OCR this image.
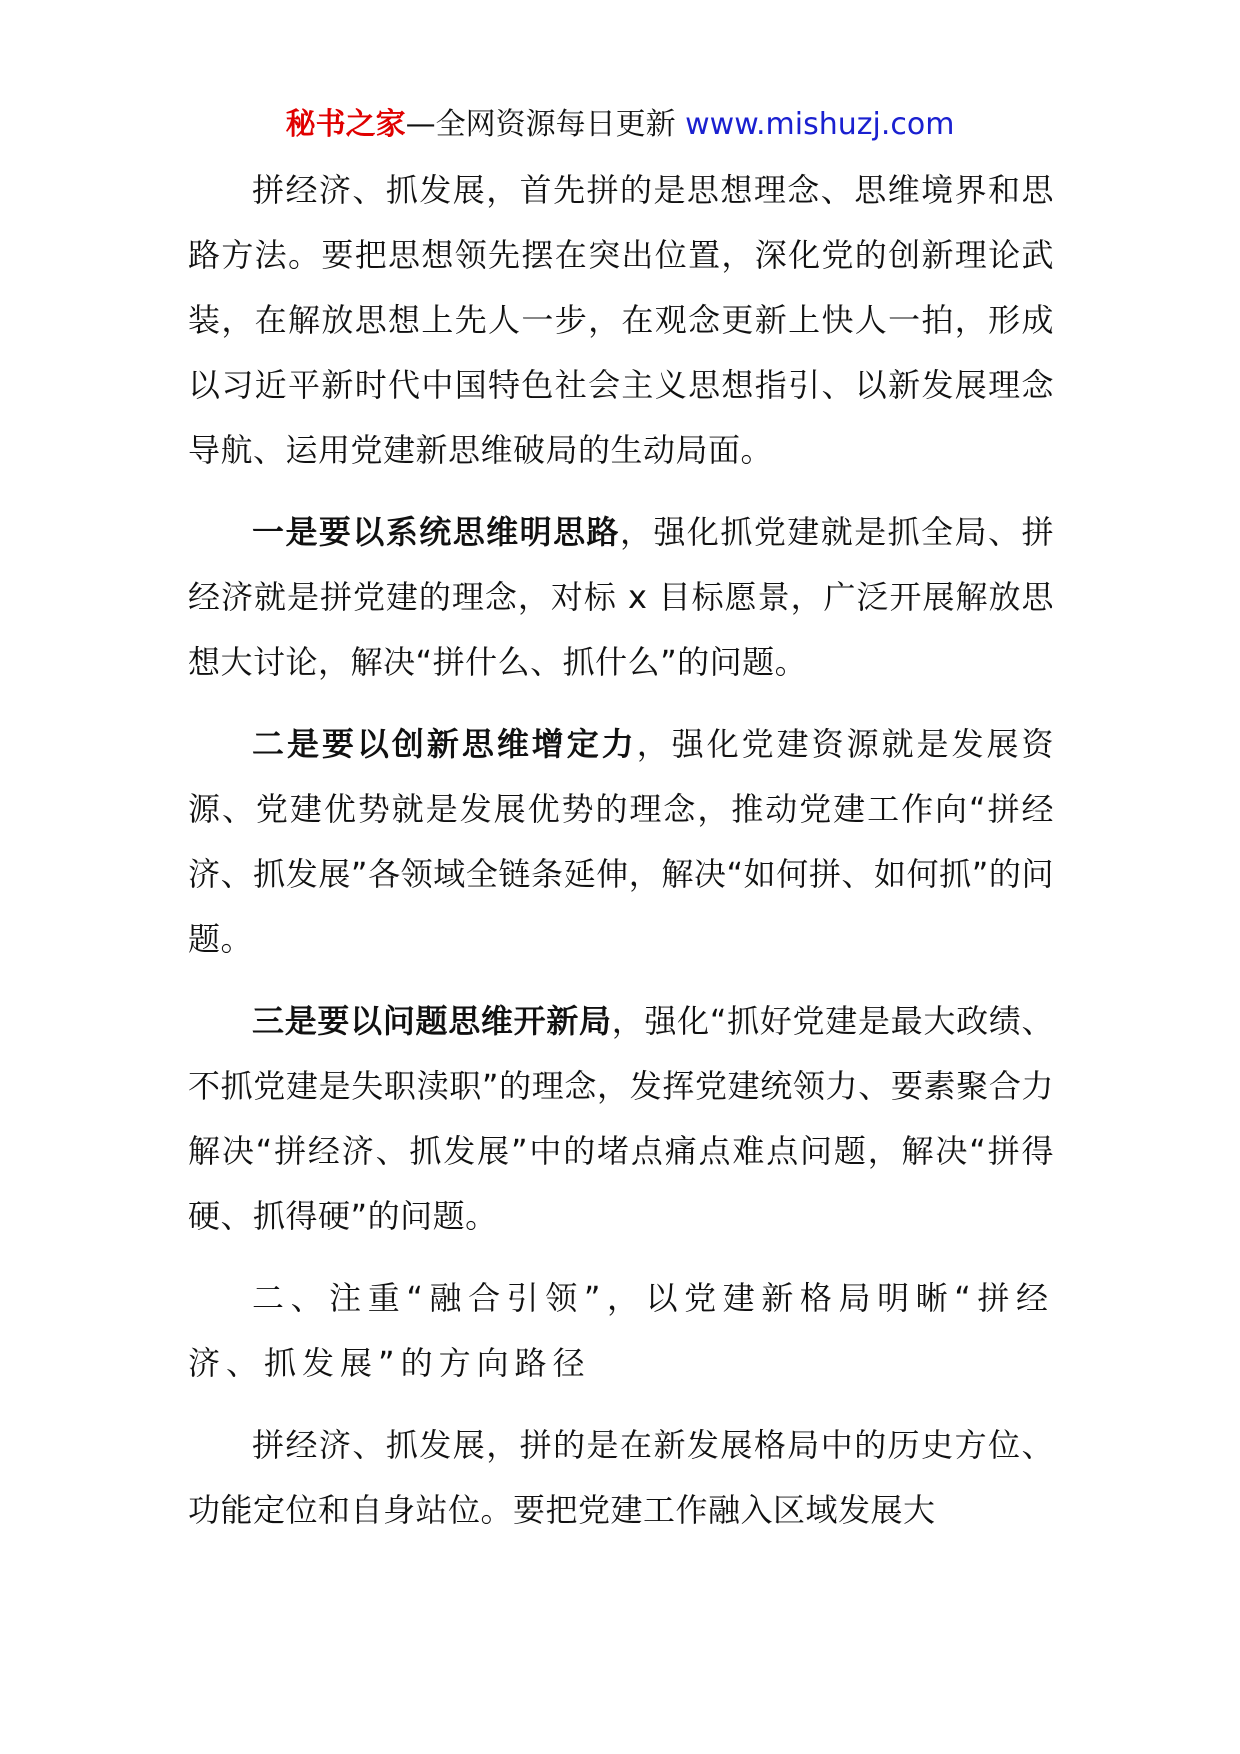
秘书之家—全网资源每日更新 www.mishuzj.com

拼经济、抓发展，首先拼的是思想理念、思维境界和思路方法。要把思想领先摆在突出位置，深化党的创新理论武装，在解放思想上先人一步，在观念更新上快人一拍，形成以习近平新时代中国特色社会主义思想指引、以新发展理念导航、运用党建新思维破局的生动局面。

一是要以系统思维明思路，强化抓党建就是抓全局、拼经济就是拼党建的理念，对标 x 目标愿景，广泛开展解放思想大讨论，解决“拼什么、抓什么”的问题。

二是要以创新思维增定力，强化党建资源就是发展资源、党建优势就是发展优势的理念，推动党建工作向“拼经济、抓发展”各领域全链条延伸，解决“如何拼、如何抓”的问题。

三是要以问题思维开新局，强化“抓好党建是最大政绩、不抓党建是失职渎职”的理念，发挥党建统领力、要素聚合力解决“拼经济、抓发展”中的堵点痛点难点问题，解决“拼得硬、抓得硬”的问题。

二、注重“融合引领”，以党建新格局明晰“拼经济、抓发展”的方向路径

拼经济、抓发展，拼的是在新发展格局中的历史方位、功能定位和自身站位。要把党建工作融入区域发展大
